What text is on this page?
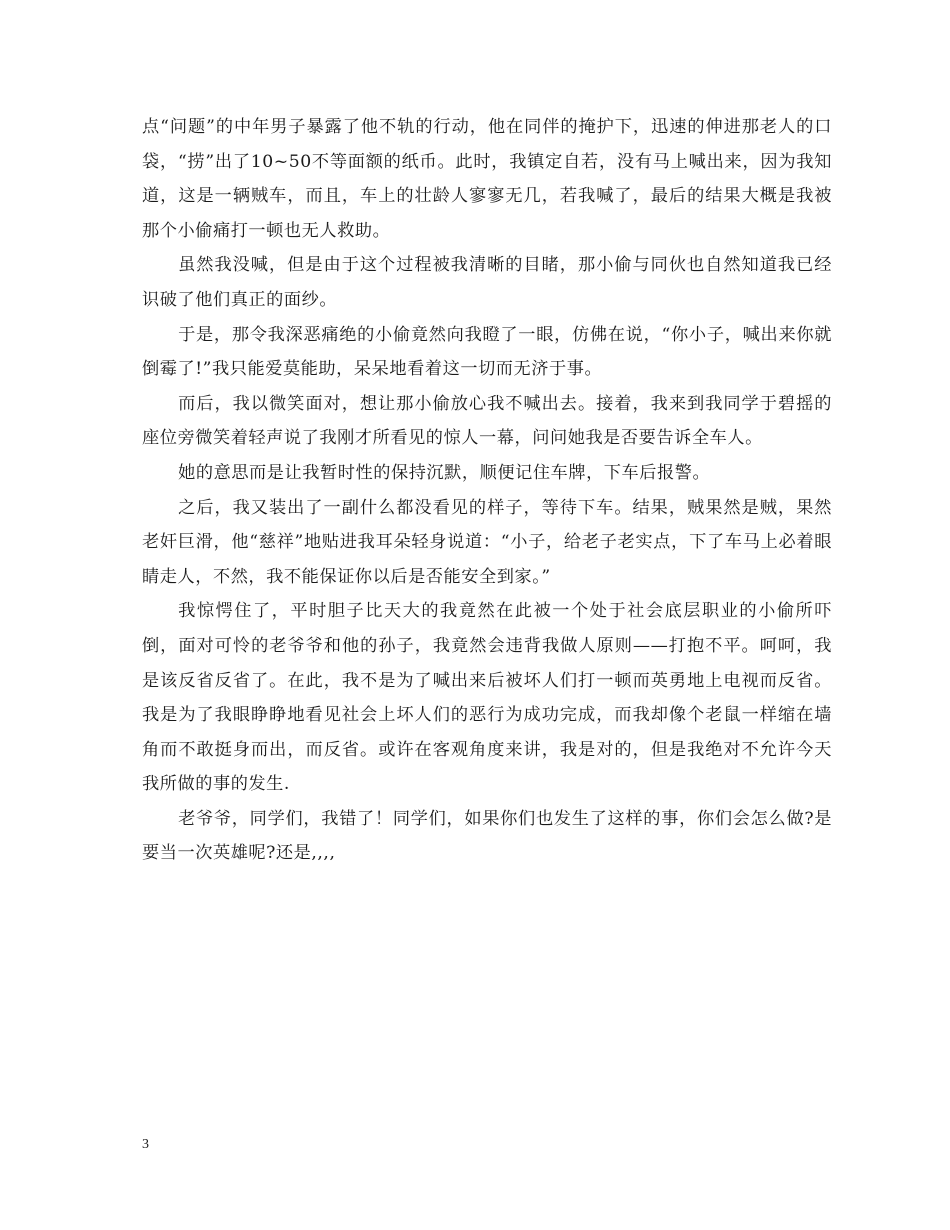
点“问题”的中年男子暴露了他不轨的行动，他在同伴的掩护下，迅速的伸进那老人的口袋，“捞”出了10~50不等面额的纸币。此时，我镇定自若，没有马上喊出来，因为我知道，这是一辆贼车，而且，车上的壮龄人寥寥无几，若我喊了，最后的结果大概是我被那个小偷痛打一顿也无人救助。

虽然我没喊，但是由于这个过程被我清晰的目睹，那小偷与同伙也自然知道我已经识破了他们真正的面纱。

于是，那令我深恶痛绝的小偷竟然向我瞪了一眼，仿佛在说，“你小子，喊出来你就倒霉了!”我只能爱莫能助，呆呆地看着这一切而无济于事。

而后，我以微笑面对，想让那小偷放心我不喊出去。接着，我来到我同学于碧摇的座位旁微笑着轻声说了我刚才所看见的惊人一幕，问问她我是否要告诉全车人。

她的意思而是让我暂时性的保持沉默，顺便记住车牌，下车后报警。

之后，我又装出了一副什么都没看见的样子，等待下车。结果，贼果然是贼，果然老奸巨滑，他“慈祥”地贴进我耳朵轻身说道：“小子，给老子老实点，下了车马上必着眼睛走人，不然，我不能保证你以后是否能安全到家。”

我惊愕住了，平时胆子比天大的我竟然在此被一个处于社会底层职业的小偷所吓倒，面对可怜的老爷爷和他的孙子，我竟然会违背我做人原则——打抱不平。呵呵，我是该反省反省了。在此，我不是为了喊出来后被坏人们打一顿而英勇地上电视而反省。我是为了我眼睁睁地看见社会上坏人们的恶行为成功完成，而我却像个老鼠一样缩在墙角而不敢挺身而出，而反省。或许在客观角度来讲，我是对的，但是我绝对不允许今天我所做的事的发生.

老爷爷，同学们，我错了！同学们，如果你们也发生了这样的事，你们会怎么做?是要当一次英雄呢?还是,,,,

3
